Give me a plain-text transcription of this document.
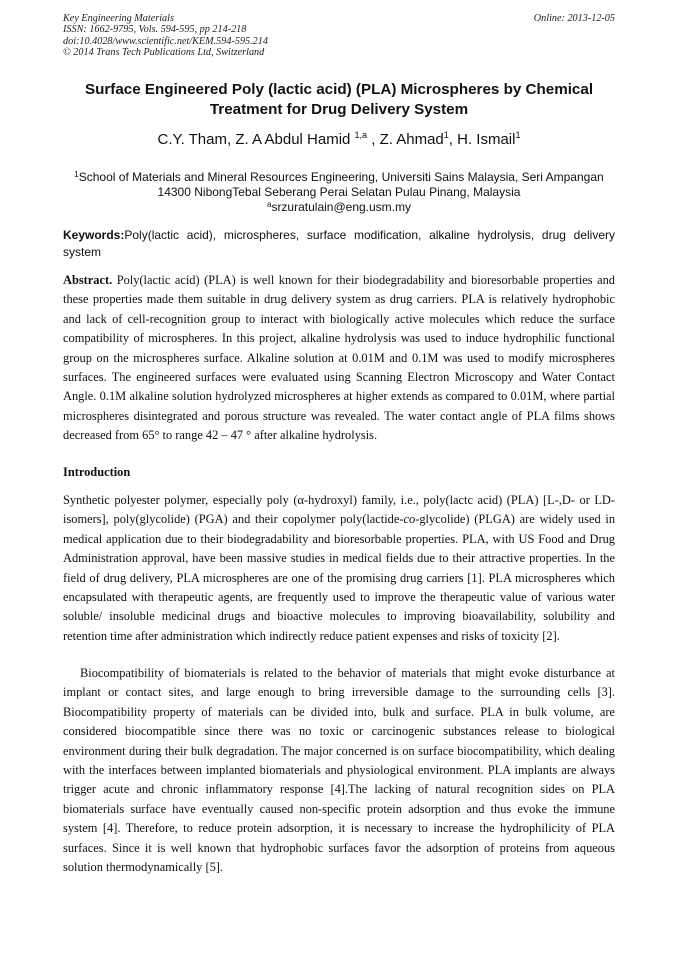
Key Engineering Materials
ISSN: 1662-9795, Vols. 594-595, pp 214-218
doi:10.4028/www.scientific.net/KEM.594-595.214
© 2014 Trans Tech Publications Ltd, Switzerland
Online: 2013-12-05
Surface Engineered Poly (lactic acid) (PLA) Microspheres by Chemical Treatment for Drug Delivery System
C.Y. Tham, Z. A Abdul Hamid $^{1,a}$ , Z. Ahmad$^1$, H. Ismail$^1$
$^1$School of Materials and Mineral Resources Engineering, Universiti Sains Malaysia, Seri Ampangan 14300 NibongTebal Seberang Perai Selatan Pulau Pinang, Malaysia
$^a$srzuratulain@eng.usm.my
Keywords:Poly(lactic acid), microspheres, surface modification, alkaline hydrolysis, drug delivery system
Abstract. Poly(lactic acid) (PLA) is well known for their biodegradability and bioresorbable properties and these properties made them suitable in drug delivery system as drug carriers. PLA is relatively hydrophobic and lack of cell-recognition group to interact with biologically active molecules which reduce the surface compatibility of microspheres. In this project, alkaline hydrolysis was used to induce hydrophilic functional group on the microspheres surface. Alkaline solution at 0.01M and 0.1M was used to modify microspheres surfaces. The engineered surfaces were evaluated using Scanning Electron Microscopy and Water Contact Angle. 0.1M alkaline solution hydrolyzed microspheres at higher extends as compared to 0.01M, where partial microspheres disintegrated and porous structure was revealed. The water contact angle of PLA films shows decreased from 65° to range 42 – 47 ° after alkaline hydrolysis.
Introduction
Synthetic polyester polymer, especially poly (α-hydroxyl) family, i.e., poly(lactc acid) (PLA) [L-,D- or LD-isomers], poly(glycolide) (PGA) and their copolymer poly(lactide-co-glycolide) (PLGA) are widely used in medical application due to their biodegradability and bioresorbable properties. PLA, with US Food and Drug Administration approval, have been massive studies in medical fields due to their attractive properties. In the field of drug delivery, PLA microspheres are one of the promising drug carriers [1]. PLA microspheres which encapsulated with therapeutic agents, are frequently used to improve the therapeutic value of various water soluble/ insoluble medicinal drugs and bioactive molecules to improving bioavailability, solubility and retention time after administration which indirectly reduce patient expenses and risks of toxicity [2].
Biocompatibility of biomaterials is related to the behavior of materials that might evoke disturbance at implant or contact sites, and large enough to bring irreversible damage to the surrounding cells [3]. Biocompatibility property of materials can be divided into, bulk and surface. PLA in bulk volume, are considered biocompatible since there was no toxic or carcinogenic substances release to biological environment during their bulk degradation. The major concerned is on surface biocompatibility, which dealing with the interfaces between implanted biomaterials and physiological environment. PLA implants are always trigger acute and chronic inflammatory response [4].The lacking of natural recognition sides on PLA biomaterials surface have eventually caused non-specific protein adsorption and thus evoke the immune system [4]. Therefore, to reduce protein adsorption, it is necessary to increase the hydrophilicity of PLA surfaces. Since it is well known that hydrophobic surfaces favor the adsorption of proteins from aqueous solution thermodynamically [5].
